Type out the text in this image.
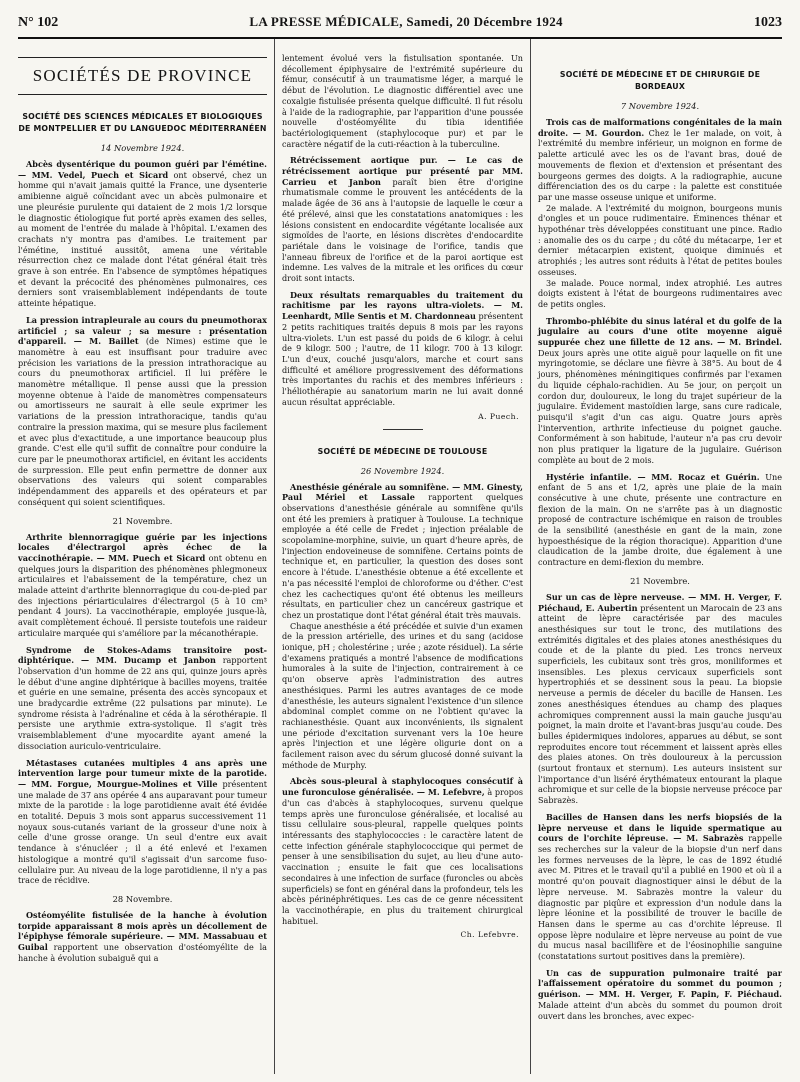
N° 102	LA PRESSE MÉDICALE, Samedi, 20 Décembre 1924	1023
SOCIÉTÉS DE PROVINCE
SOCIÉTÉ DES SCIENCES MÉDICALES ET BIOLOGIQUES DE MONTPELLIER ET DU LANGUEDOC MÉDITERRANÉEN
14 Novembre 1924.

Abcès dysentérique du poumon guéri par l'émétine. — MM. Vedel, Puech et Sicard ont observé, chez un homme qui n'avait jamais quitté la France, une dysenterie amibienne aiguë coïncidant avec un abcès pulmonaire et une pleurésie purulente qui dataient de 2 mois 1/2 lorsque le diagnostic étiologique fut porté après examen des selles, au moment de l'entrée du malade à l'hôpital. L'examen des crachats n'y montra pas d'amibes. Le traitement par l'émétine, institué aussitôt, amena une véritable résurrection chez ce malade dont l'état général était très grave à son entrée. En l'absence de symptômes hépatiques et devant la précocité des phénomènes pulmonaires, ces derniers sont vraisemblablement indépendants de toute atteinte hépatique.

La pression intrapleurale au cours du pneumothorax artificiel ; sa valeur ; sa mesure : présentation d'appareil. — M. Baillet (de Nimes) estime que le manomètre à eau est insuffisant pour traduire avec précision les variations de la pression intrathoracique au cours du pneumothorax artificiel. Il lui préfère le manomètre métallique. Il pense aussi que la pression moyenne obtenue à l'aide de manomètres compensateurs ou amortisseurs ne saurait à elle seule exprimer les variations de la pression intrathoracique, tandis qu'au contraire la pression maxima, qui se mesure plus facilement et avec plus d'exactitude, a une importance beaucoup plus grande. C'est elle qu'il suffit de connaître pour conduire la cure par le pneumothorax artificiel, en évitant les accidents de surpression. Elle peut enfin permettre de donner aux observations des valeurs qui soient comparables indépendamment des appareils et des opérateurs et par conséquent qui soient scientifiques.

21 Novembre.

Arthrite blennorragique guérie par les injections locales d'électrargol après échec de la vaccinothérapie. — MM. Puech et Sicard ont obtenu en quelques jours la disparition des phénomènes phlegmoneux articulaires et l'abaissement de la température, chez un malade atteint d'arthrite blennorragique du cou-de-pied par des injections périarticulaires d'électrargol (5 à 10 cm³ pendant 4 jours). La vaccinothérapie, employée jusque-là, avait complètement échoué. Il persiste toutefois une raideur articulaire marquée qui s'améliore par la mécanothérapie.

Syndrome de Stokes-Adams transitoire post-diphtérique. — MM. Ducamp et Janbon rapportent l'observation d'un homme de 22 ans qui, quinze jours après le début d'une angine diphtérique à bacilles moyens, traitée et guérie en une semaine, présenta des accès syncopaux et une bradycardie extrême (22 pulsations par minute). Le syndrome résista à l'adrénaline et céda à la sérothérapie. Il persiste une arythmie extra-systolique. Il s'agit très vraisemblablement d'une myocardite ayant amené la dissociation auriculo-ventriculaire.

Métastases cutanées multiples 4 ans après une intervention large pour tumeur mixte de la parotide. — MM. Forgue, Mourgue-Molines et Ville présentent une malade de 37 ans opérée 4 ans auparavant pour tumeur mixte de la parotide : la loge parotidienne avait été évidée en totalité. Depuis 3 mois sont apparus successivement 11 noyaux sous-cutanés variant de la grosseur d'une noix à celle d'une grosse orange. Un seul d'entre eux avait tendance à s'énucléer ; il a été enlevé et l'examen histologique a montré qu'il s'agissait d'un sarcome fuso-cellulaire pur. Au niveau de la loge parotidienne, il n'y a pas trace de récidive.

28 Novembre.

Ostéomyélite fistulisée de la hanche à évolution torpide apparaissant 8 mois après un décollement de l'épiphyse fémorale supérieure. — MM. Massabuau et Guibal rapportent une observation d'ostéomyélite de la hanche à évolution subaiguë qui a

lentement évolué vers la fistulisation spontanée. Un décollement épiphysaire de l'extrémité supérieure du fémur, consécutif à un traumatisme léger, a marqué le début de l'évolution. Le diagnostic différentiel avec une coxalgie fistulisée présenta quelque difficulté. Il fut résolu à l'aide de la radiographie, par l'apparition d'une poussée nouvelle d'ostéomyélite du tibia identifiée bactériologiquement (staphylocoque pur) et par le caractère négatif de la cuti-réaction à la tuberculine.

Rétrécissement aortique pur. — Le cas de rétrécissement aortique pur présenté par MM. Carrieu et Janbon paraît bien être d'origine rhumatismale comme le prouvent les antécédents de la malade âgée de 36 ans à l'autopsie de laquelle le cœur a été prélevé, ainsi que les constatations anatomiques : les lésions consistent en endocardite végétante localisée aux sigmoïdes de l'aorte, en lésions discrètes d'endocardite pariétale dans le voisinage de l'orifice, tandis que l'anneau fibreux de l'orifice et de la paroi aortique est indemne. Les valves de la mitrale et les orifices du cœur droit sont intacts.

Deux résultats remarquables du traitement du rachitisme par les rayons ultra-violets. — M. Leenhardt, Mlle Sentis et M. Chardonneau présentent 2 petits rachitiques traités depuis 8 mois par les rayons ultra-violets. L'un est passé du poids de 6 kilogr. à celui de 9 kilogr. 500 ; l'autre, de 11 kilogr. 700 à 13 kilogr. L'un d'eux, couché jusqu'alors, marche et court sans difficulté et améliore progressivement des déformations très importantes du rachis et des membres inférieurs : l'héliothérapie au sanatorium marin ne lui avait donné aucun résultat appréciable.

A. Puech.
SOCIÉTÉ DE MÉDECINE DE TOULOUSE
26 Novembre 1924.

Anesthésie générale au somnifène. — MM. Ginesty, Paul Mériel et Lassale rapportent quelques observations d'anesthésie générale au somnifène qu'ils ont été les premiers à pratiquer à Toulouse. La technique employée a été celle de Fredet ; injection préalable de scopolamine-morphine, suivie, un quart d'heure après, de l'injection endoveineuse de somnifène. Certains points de technique et, en particulier, la question des doses sont encore à l'étude. L'anesthésie obtenue a été excellente et n'a pas nécessité l'emploi de chloroforme ou d'éther. C'est chez les cachectiques qu'ont été obtenus les meilleurs résultats, en particulier chez un cancéreux gastrique et chez un prostatique dont l'état général était très mauvais.

Chaque anesthésie a été précédée et suivie d'un examen de la pression artérielle, des urines et du sang (acidose ionique, pH ; cholestérine ; urée ; azote résiduel). La série d'examens pratiqués a montré l'absence de modifications humorales à la suite de l'injection, contrairement à ce qu'on observe après l'administration des autres anesthésiques. Parmi les autres avantages de ce mode d'anesthésie, les auteurs signalent l'existence d'un silence abdominal complet comme on ne l'obtient qu'avec la rachianesthésie. Quant aux inconvénients, ils signalent une période d'excitation survenant vers la 10e heure après l'injection et une légère oligurie dont on a facilement raison avec du sérum glucosé donné suivant la méthode de Murphy.

Abcès sous-pleural à staphylocoques consécutif à une furonculose généralisée. — M. Lefebvre, à propos d'un cas d'abcès à staphylocoques, survenu quelque temps après une furonculose généralisée, et localisé au tissu cellulaire sous-pleural, rappelle quelques points intéressants des staphylococcies : le caractère latent de cette infection générale staphylococcique qui permet de penser à une sensibilisation du sujet, au lieu d'une auto-vaccination ; ensuite le fait que ces localisations secondaires à une infection de surface (furoncles ou abcès superficiels) se font en général dans la profondeur, tels les abcès périnéphrétiques. Les cas de ce genre nécessitent la vaccinothérapie, en plus du traitement chirurgical habituel.

Ch. Lefebvre.
SOCIÉTÉ DE MÉDECINE ET DE CHIRURGIE DE BORDEAUX
7 Novembre 1924.

Trois cas de malformations congénitales de la main droite. — M. Gourdon. Chez le 1er malade, on voit, à l'extrémité du membre inférieur, un moignon en forme de palette articulé avec les os de l'avant bras, doué de mouvements de flexion et d'extension et présentant des bourgeons germes des doigts. A la radiographie, aucune différenciation des os du carpe : la palette est constituée par une masse osseuse unique et uniforme.

2e malade. A l'extrémité du moignon, bourgeons munis d'ongles et un pouce rudimentaire. Éminences thénar et hypothénar très développées constituant une pince. Radio : anomalie des os du carpe ; du côté du métacarpe, 1er et dernier métacarpien existent, quoique diminués et atrophiés ; les autres sont réduits à l'état de petites boules osseuses.

3e malade. Pouce normal, index atrophié. Les autres doigts existent à l'état de bourgeons rudimentaires avec de petits ongles.

Thrombo-phlébite du sinus latéral et du golfe de la jugulaire au cours d'une otite moyenne aiguë suppurée chez une fillette de 12 ans. — M. Brindel. Deux jours après une otite aiguë pour laquelle on fit une myringotomie, se déclare une fièvre à 38°5. Au bout de 4 jours, phénomènes méningitiques confirmés par l'examen du liquide céphalo-rachidien. Au 5e jour, on perçoit un cordon dur, douloureux, le long du trajet supérieur de la jugulaire. Évidement mastoïdien large, sans cure radicale, puisqu'il s'agit d'un cas aigu. Quatre jours après l'intervention, arthrite infectieuse du poignet gauche. Conformément à son habitude, l'auteur n'a pas cru devoir non plus pratiquer la ligature de la jugulaire. Guérison complète au bout de 2 mois.

Hystérie infantile. — MM. Rocaz et Guérin. Une enfant de 5 ans et 1/2, après une plaie de la main consécutive à une chute, présente une contracture en flexion de la main. On ne s'arrête pas à un diagnostic proposé de contracture ischémique en raison de troubles de la sensibilité (anesthésie en gant de la main, zone hypoesthésique de la région thoracique). Apparition d'une claudication de la jambe droite, due également à une contracture en demi-flexion du membre.

21 Novembre.

Sur un cas de lèpre nerveuse. — MM. H. Verger, F. Piéchaud, E. Aubertin présentent un Marocain de 23 ans atteint de lèpre caractérisée par des macules anesthésiques sur tout le tronc, des mutilations des extrémités digitales et des plaies atones anesthésiques du coude et de la plante du pied. Les troncs nerveux superficiels, les cubitaux sont très gros, moniliformes et insensibles. Les plexus cervicaux superficiels sont hypertrophiés et se dessinent sous la peau. La biopsie nerveuse a permis de déceler du bacille de Hansen. Les zones anesthésiques étendues au champ des plaques achromiques comprennent aussi la main gauche jusqu'au poignet, la main droite et l'avant-bras jusqu'au coude. Des bulles épidermiques indolores, apparues au début, se sont reproduites encore tout récemment et laissent après elles des plaies atones. On très douloureux à la percussion (surtout frontaux et sternum). Les auteurs insistent sur l'importance d'un liséré érythémateux entourant la plaque achromique et sur celle de la biopsie nerveuse précoce par Sabrazès.

Bacilles de Hansen dans les nerfs biopsiés de la lèpre nerveuse et dans le liquide spermatique au cours de l'orchite lépreuse. — M. Sabrazès rappelle ses recherches sur la valeur de la biopsie d'un nerf dans les formes nerveuses de la lèpre, le cas de 1892 étudié avec M. Pitres et le travail qu'il a publié en 1900 et où il a montré qu'on pouvait diagnostiquer ainsi le début de la lèpre nerveuse. M. Sabrazès montre la valeur du diagnostic par piqûre et expression d'un nodule dans la lèpre léonine et la possibilité de trouver le bacille de Hansen dans le sperme au cas d'orchite lépreuse. Il oppose lèpre nodulaire et lèpre nerveuse au point de vue du mucus nasal bacillifère et de l'éosinophilie sanguine (constatations surtout positives dans la première).

Un cas de suppuration pulmonaire traité par l'affaissement opératoire du sommet du poumon ; guérison. — MM. H. Verger, F. Papin, F. Piéchaud. Malade atteint d'un abcès du sommet du poumon droit ouvert dans les bronches, avec expec-
